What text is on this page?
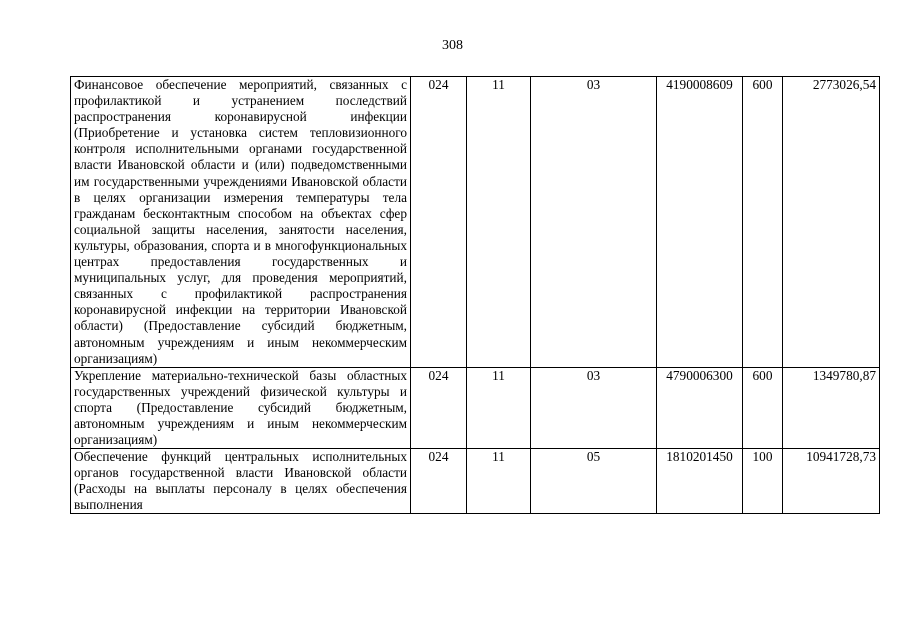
308
Финансовое обеспечение мероприятий, связанных с профилактикой и устранением последствий распространения коронавирусной инфекции (Приобретение и установка систем тепловизионного контроля исполнительными органами государственной власти Ивановской области и (или) подведомственными им государственными учреждениями Ивановской области в целях организации измерения температуры тела гражданам бесконтактным способом на объектах сфер социальной защиты населения, занятости населения, культуры, образования, спорта и в многофункциональных центрах предоставления государственных и муниципальных услуг, для проведения мероприятий, связанных с профилактикой распространения коронавирусной инфекции на территории Ивановской области) (Предоставление субсидий бюджетным, автономным учреждениям и иным некоммерческим организациям)	024	11	03	4190008609	600	2773026,54
Укрепление материально-технической базы областных государственных учреждений физической культуры и спорта (Предоставление субсидий бюджетным, автономным учреждениям и иным некоммерческим организациям)	024	11	03	4790006300	600	1349780,87

Обеспечение функций центральных исполнительных органов государственной власти Ивановской области (Расходы на выплаты персоналу в целях обеспечения выполнения	024	11	05	1810201450	100	10941728,73
